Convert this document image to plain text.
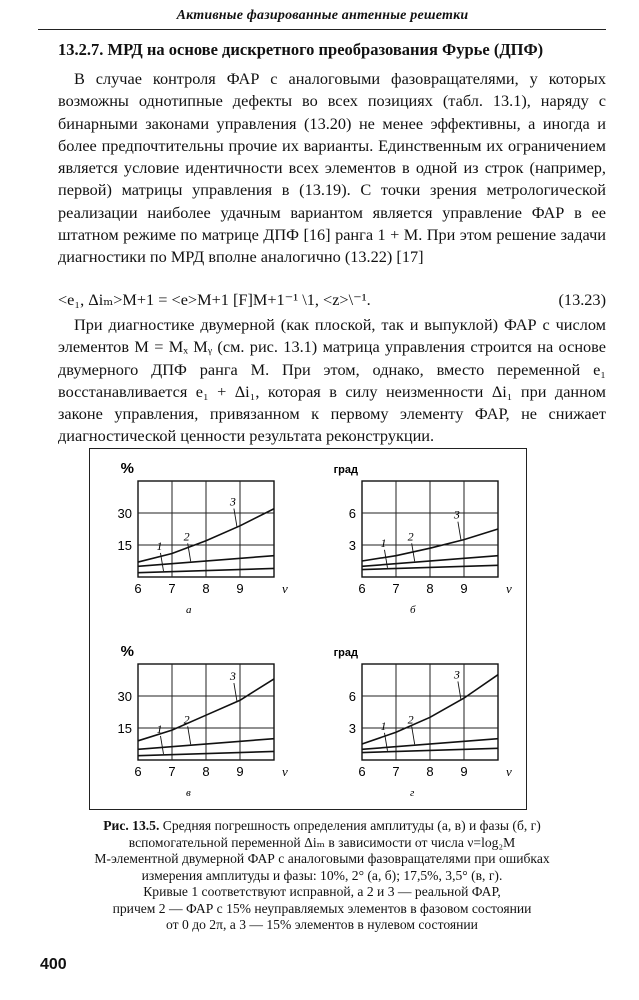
Активные фазированные антенные решетки
13.2.7. МРД на основе дискретного преобразования Фурье (ДПФ)
В случае контроля ФАР с аналоговыми фазовращателями, у которых возможны однотипные дефекты во всех позициях (табл. 13.1), наряду с бинарными законами управления (13.20) не менее эффективны, а иногда и более предпочтительны прочие их варианты. Единственным их ограничением является условие идентичности всех элементов в одной из строк (например, первой) матрицы управления в (13.19). С точки зрения метрологической реализации наиболее удачным вариантом является управление ФАР в ее штатном режиме по матрице ДПФ [16] ранга 1 + M. При этом решение задачи диагностики по МРД вполне аналогично (13.22) [17]
<e₁, Δiₘ>M+1 = <e>M+1 [F]M+1⁻¹ \1, <z>\⁻¹.	(13.23)
При диагностике двумерной (как плоской, так и выпуклой) ФАР с числом элементов M = Mₓ Mᵧ (см. рис. 13.1) матрица управления строится на основе двумерного ДПФ ранга M. При этом, однако, вместо переменной e₁ восстанавливается e₁ + Δi₁, которая в силу неизменности Δi₁ при данном законе управления, привязанном к первому элементу ФАР, не снижает диагностической ценности результата реконструкции.
6 7 8 9
15
30
%
ν
а
1
2
3
6 7 8 9
3
6
град
ν
б
1 2
3
6 7 8 9
15
30
%
ν
в
1
2
3
6 7 8 9
3
6
град
ν
г
1 2
3
Рис. 13.5. Средняя погрешность определения амплитуды (а, в) и фазы (б, г)
вспомогательной переменной Δiₘ в зависимости от числа ν=log₂M
M-элементной двумерной ФАР с аналоговыми фазовращателями при ошибках
измерения амплитуды и фазы: 10%, 2° (а, б); 17,5%, 3,5° (в, г).
Кривые 1 соответствуют исправной, а 2 и 3 — реальной ФАР,
причем 2 — ФАР с 15% неуправляемых элементов в фазовом состоянии
от 0 до 2π, а 3 — 15% элементов в нулевом состоянии
400
